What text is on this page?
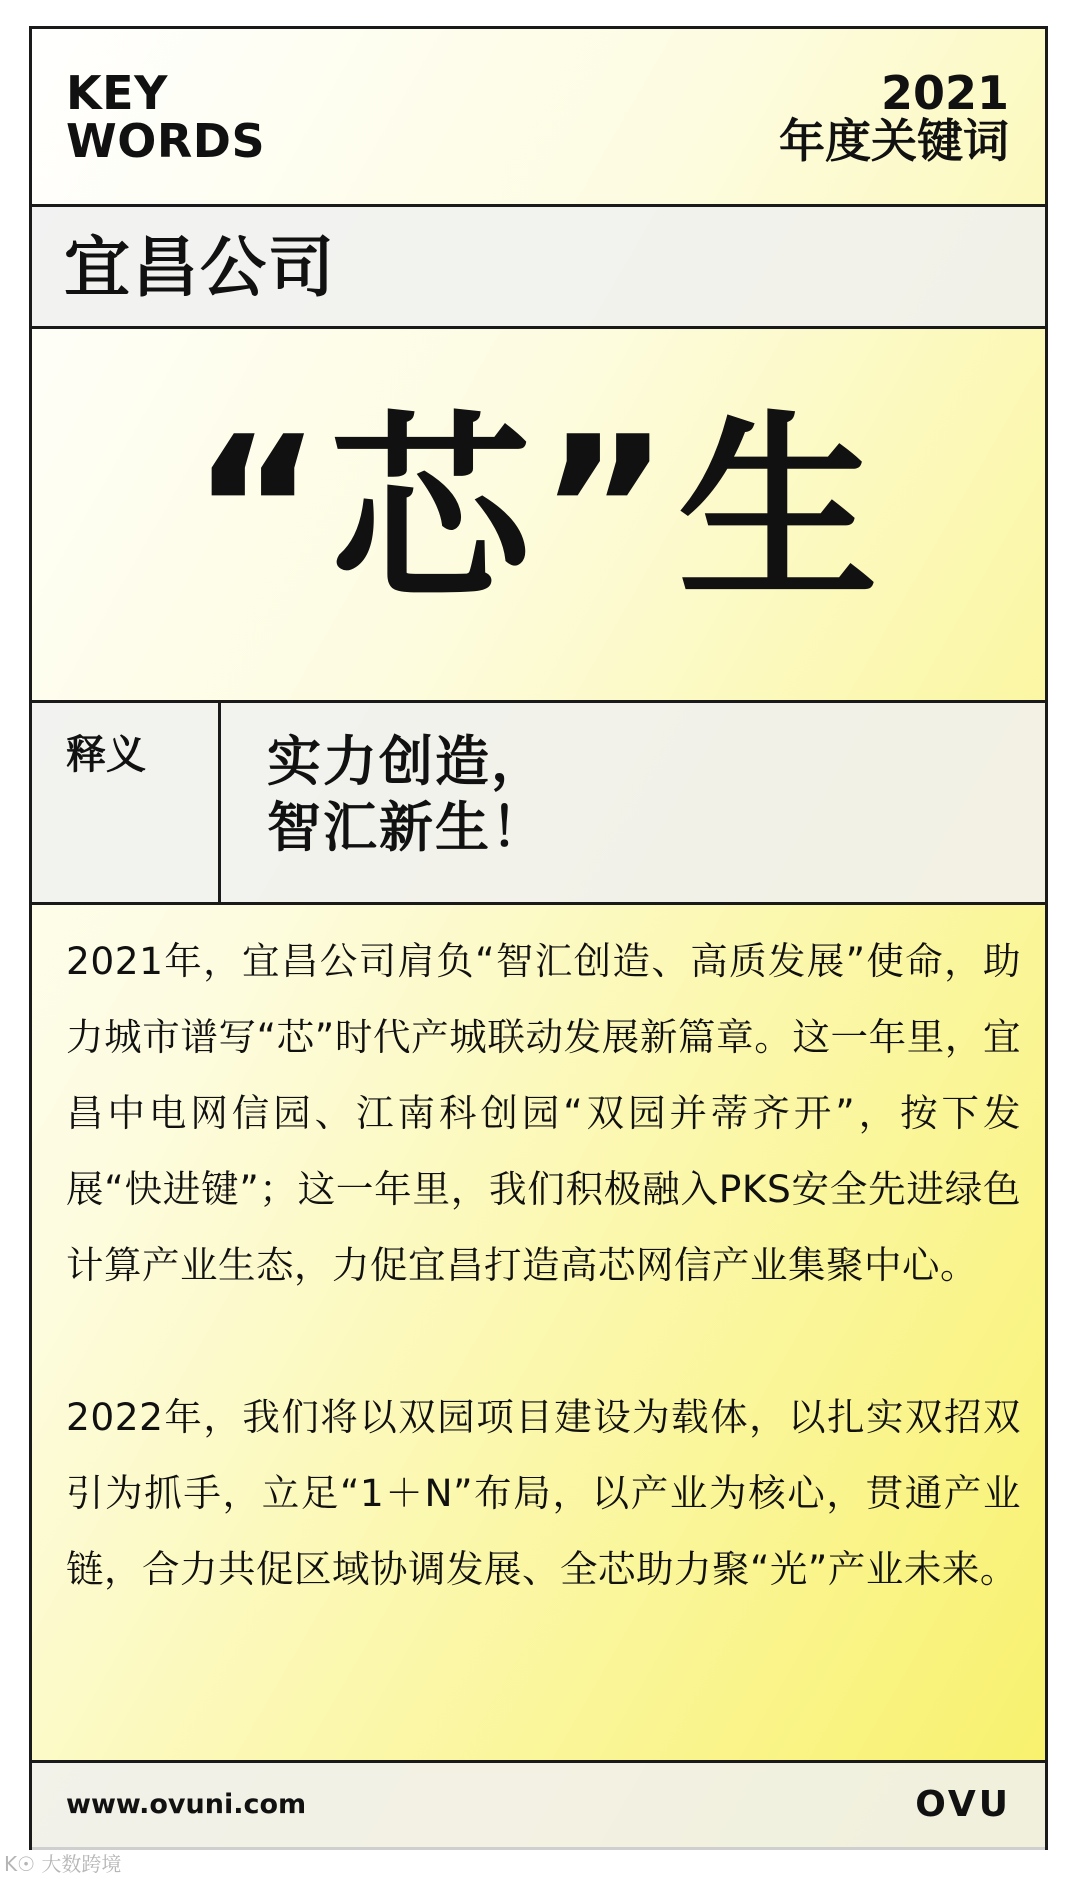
KEY
WORDS
2021
年度关键词
宜昌公司
“芯”生
释义 实力创造，
智汇新生！

2021年，宜昌公司肩负“智汇创造、高质发展”使命，助力城市谱写“芯”时代产城联动发展新篇章。这一年里，宜昌中电网信园、江南科创园“双园并蒂齐开”，按下发展“快进键”；这一年里，我们积极融入PKS安全先进绿色计算产业生态，力促宜昌打造高芯网信产业集聚中心。

2022年，我们将以双园项目建设为载体，以扎实双招双引为抓手，立足“1＋N”布局，以产业为核心，贯通产业链，合力共促区域协调发展、全芯助力聚“光”产业未来。

www.ovuni.com	OVU
K☉ 大数跨境
